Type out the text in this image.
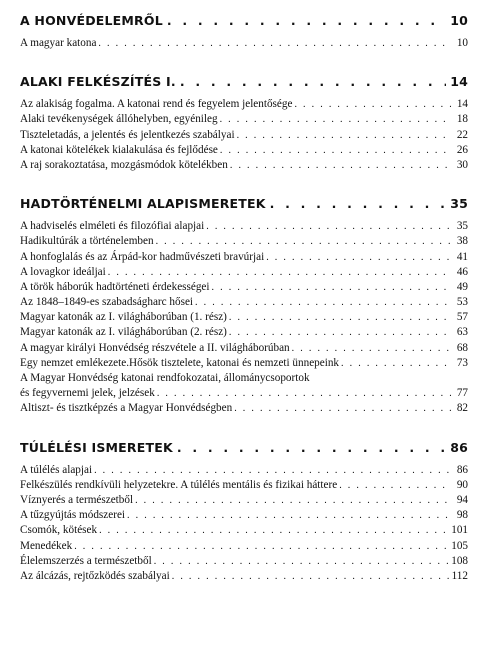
A HONVÉDELEMRŐL . . .	10
A magyar katona . . .	10
ALAKI FELKÉSZÍTÉS I. . . .	14
Az alakiság fogalma. A katonai rend és fegyelem jelentősége . . .	14
Alaki tevékenységek állóhelyben, egyénileg . . .	18
Tiszteletadás, a jelentés és jelentkezés szabályai . . .	22
A katonai kötelékek kialakulása és fejlődése . . .	26
A raj sorakoztatása, mozgásmódok kötelékben . . .	30
HADTÖRTÉNELMI ALAPISMERETEK . . .	35
A hadviselés elméleti és filozófiai alapjai . . .	35
Hadikultúrák a történelemben . . .	38
A honfoglalás és az Árpád-kor hadművészeti bravúrjai . . .	41
A lovagkor ideáljai . . .	46
A török háborúk hadtörténeti érdekességei . . .	49
Az 1848–1849-es szabadságharc hősei . . .	53
Magyar katonák az I. világháborúban (1. rész) . . .	57
Magyar katonák az I. világháborúban (2. rész) . . .	63
A magyar királyi Honvédség részvétele a II. világháborúban . . .	68
Egy nemzet emlékezete.Hősök tisztelete, katonai és nemzeti ünnepeink . . .	73
A Magyar Honvédség katonai rendfokozatai, állománycsoportok
és fegyvernemi jelek, jelzések . . .	77
Altiszt- és tisztképzés a Magyar Honvédségben . . .	82
TÚLÉLÉSI ISMERETEK . . .	86
A túlélés alapjai . . .	86
Felkészülés rendkívüli helyzetekre. A túlélés mentális és fizikai háttere . . .	90
Víznyerés a természetből . . .	94
A tűzgyújtás módszerei . . .	98
Csomók, kötések . . .	101
Menedékek . . .	105
Élelemszerzés a természetből . . .	108
Az álcázás, rejtőzködés szabályai . . .	112
